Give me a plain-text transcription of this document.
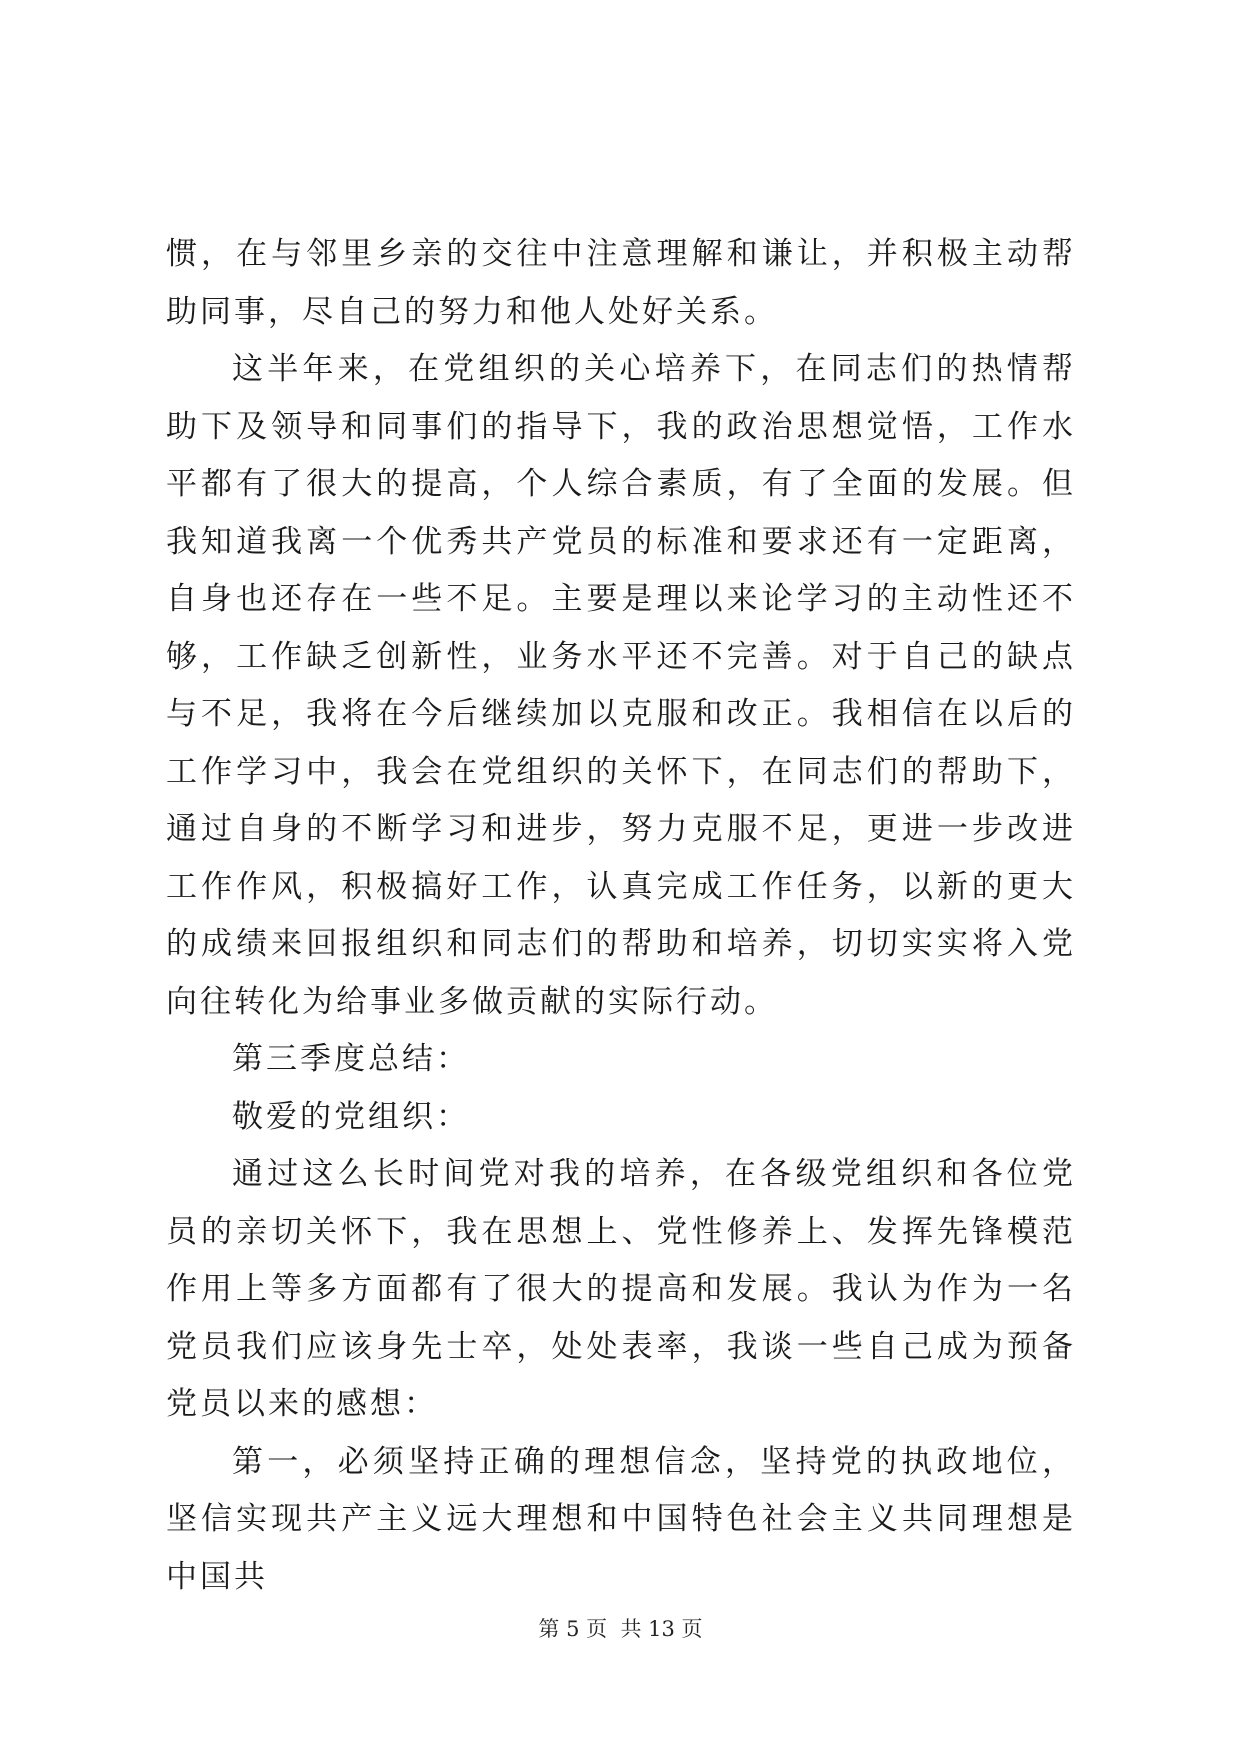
惯，在与邻里乡亲的交往中注意理解和谦让，并积极主动帮助同事，尽自己的努力和他人处好关系。

这半年来，在党组织的关心培养下，在同志们的热情帮助下及领导和同事们的指导下，我的政治思想觉悟，工作水平都有了很大的提高，个人综合素质，有了全面的发展。但我知道我离一个优秀共产党员的标准和要求还有一定距离，自身也还存在一些不足。主要是理以来论学习的主动性还不够，工作缺乏创新性，业务水平还不完善。对于自己的缺点与不足，我将在今后继续加以克服和改正。我相信在以后的工作学习中，我会在党组织的关怀下，在同志们的帮助下，通过自身的不断学习和进步，努力克服不足，更进一步改进工作作风，积极搞好工作，认真完成工作任务，以新的更大的成绩来回报组织和同志们的帮助和培养，切切实实将入党向往转化为给事业多做贡献的实际行动。

第三季度总结：

敬爱的党组织：

通过这么长时间党对我的培养，在各级党组织和各位党员的亲切关怀下，我在思想上、党性修养上、发挥先锋模范作用上等多方面都有了很大的提高和发展。我认为作为一名党员我们应该身先士卒，处处表率，我谈一些自己成为预备党员以来的感想：

第一，必须坚持正确的理想信念，坚持党的执政地位，坚信实现共产主义远大理想和中国特色社会主义共同理想是中国共

第 5 页  共 13 页
